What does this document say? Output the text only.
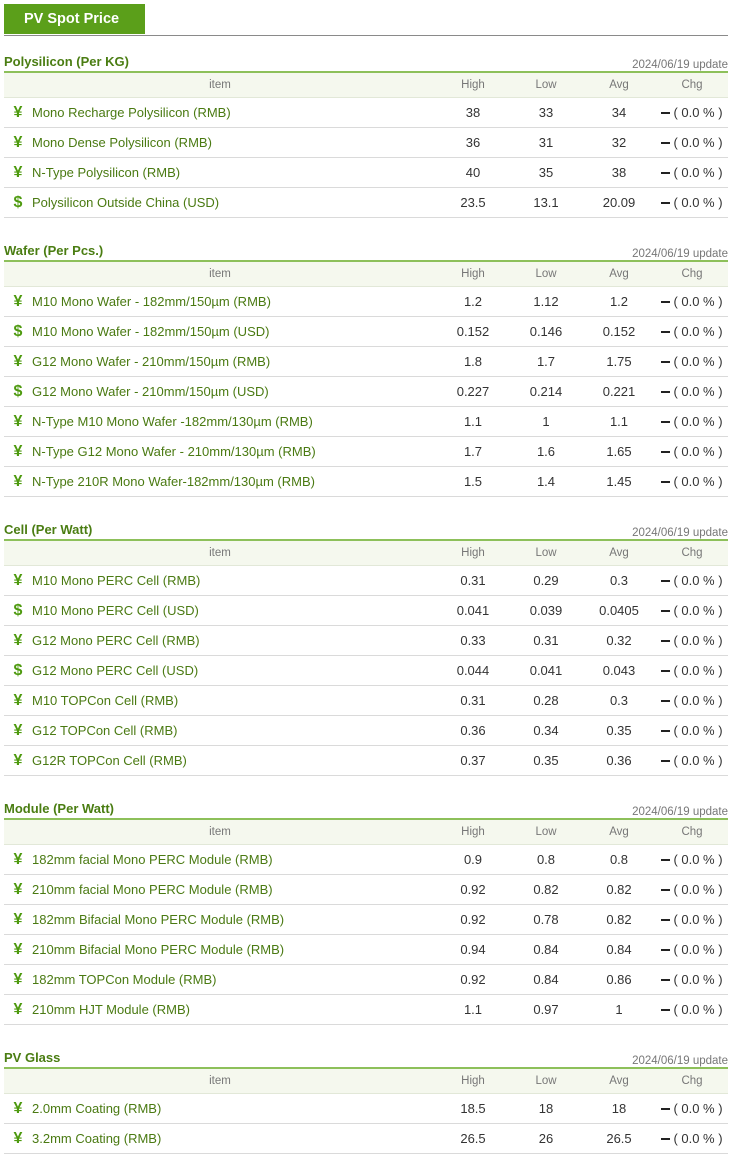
PV Spot Price
Polysilicon (Per KG)	2024/06/19 update
item	High	Low	Avg	Chg
¥ Mono Recharge Polysilicon (RMB)	38	33	34	( 0.0 % )
¥ Mono Dense Polysilicon (RMB)	36	31	32	( 0.0 % )
¥ N-Type Polysilicon (RMB)	40	35	38	( 0.0 % )
$ Polysilicon Outside China (USD)	23.5	13.1	20.09	( 0.0 % )
Wafer (Per Pcs.)	2024/06/19 update
item	High	Low	Avg	Chg
¥ M10 Mono Wafer - 182mm/150µm (RMB)	1.2	1.12	1.2	( 0.0 % )
$ M10 Mono Wafer - 182mm/150µm (USD)	0.152	0.146	0.152	( 0.0 % )
¥ G12 Mono Wafer - 210mm/150µm (RMB)	1.8	1.7	1.75	( 0.0 % )
$ G12 Mono Wafer - 210mm/150µm (USD)	0.227	0.214	0.221	( 0.0 % )
¥ N-Type M10 Mono Wafer -182mm/130µm (RMB)	1.1	1	1.1	( 0.0 % )
¥ N-Type G12 Mono Wafer - 210mm/130µm (RMB)	1.7	1.6	1.65	( 0.0 % )
¥ N-Type 210R Mono Wafer-182mm/130µm (RMB)	1.5	1.4	1.45	( 0.0 % )
Cell (Per Watt)	2024/06/19 update
item	High	Low	Avg	Chg
¥ M10 Mono PERC Cell (RMB)	0.31	0.29	0.3	( 0.0 % )
$ M10 Mono PERC Cell (USD)	0.041	0.039	0.0405	( 0.0 % )
¥ G12 Mono PERC Cell (RMB)	0.33	0.31	0.32	( 0.0 % )
$ G12 Mono PERC Cell (USD)	0.044	0.041	0.043	( 0.0 % )
¥ M10 TOPCon Cell (RMB)	0.31	0.28	0.3	( 0.0 % )
¥ G12 TOPCon Cell (RMB)	0.36	0.34	0.35	( 0.0 % )
¥ G12R TOPCon Cell (RMB)	0.37	0.35	0.36	( 0.0 % )
Module (Per Watt)	2024/06/19 update
item	High	Low	Avg	Chg
¥ 182mm facial Mono PERC Module (RMB)	0.9	0.8	0.8	( 0.0 % )
¥ 210mm facial Mono PERC Module (RMB)	0.92	0.82	0.82	( 0.0 % )
¥ 182mm Bifacial Mono PERC Module (RMB)	0.92	0.78	0.82	( 0.0 % )
¥ 210mm Bifacial Mono PERC Module (RMB)	0.94	0.84	0.84	( 0.0 % )
¥ 182mm TOPCon Module (RMB)	0.92	0.84	0.86	( 0.0 % )
¥ 210mm HJT Module (RMB)	1.1	0.97	1	( 0.0 % )
PV Glass	2024/06/19 update
item	High	Low	Avg	Chg
¥ 2.0mm Coating (RMB)	18.5	18	18	( 0.0 % )
¥ 3.2mm Coating (RMB)	26.5	26	26.5	( 0.0 % )
